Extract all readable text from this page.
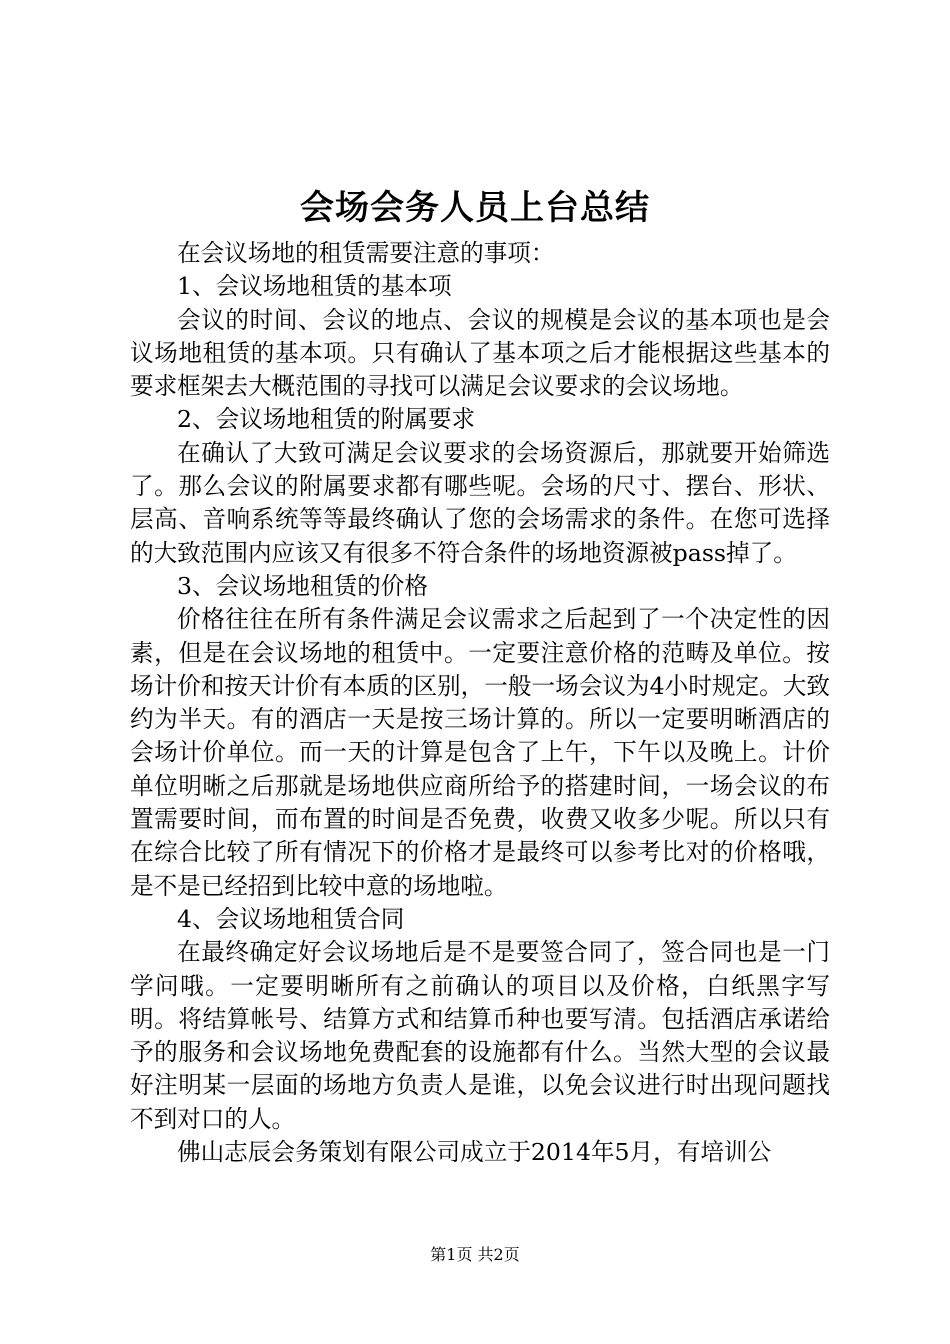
会场会务人员上台总结

在会议场地的租赁需要注意的事项：

1、会议场地租赁的基本项

会议的时间、会议的地点、会议的规模是会议的基本项也是会议场地租赁的基本项。只有确认了基本项之后才能根据这些基本的要求框架去大概范围的寻找可以满足会议要求的会议场地。

2、会议场地租赁的附属要求

在确认了大致可满足会议要求的会场资源后，那就要开始筛选了。那么会议的附属要求都有哪些呢。会场的尺寸、摆台、形状、层高、音响系统等等最终确认了您的会场需求的条件。在您可选择的大致范围内应该又有很多不符合条件的场地资源被pass掉了。

3、会议场地租赁的价格

价格往往在所有条件满足会议需求之后起到了一个决定性的因素，但是在会议场地的租赁中。一定要注意价格的范畴及单位。按场计价和按天计价有本质的区别，一般一场会议为4小时规定。大致约为半天。有的酒店一天是按三场计算的。所以一定要明晰酒店的会场计价单位。而一天的计算是包含了上午，下午以及晚上。计价单位明晰之后那就是场地供应商所给予的搭建时间，一场会议的布置需要时间，而布置的时间是否免费，收费又收多少呢。所以只有在综合比较了所有情况下的价格才是最终可以参考比对的价格哦，是不是已经招到比较中意的场地啦。

4、会议场地租赁合同

在最终确定好会议场地后是不是要签合同了，签合同也是一门学问哦。一定要明晰所有之前确认的项目以及价格，白纸黑字写明。将结算帐号、结算方式和结算币种也要写清。包括酒店承诺给予的服务和会议场地免费配套的设施都有什么。当然大型的会议最好注明某一层面的场地方负责人是谁，以免会议进行时出现问题找不到对口的人。

佛山志辰会务策划有限公司成立于2014年5月，有培训公

第1页 共2页
